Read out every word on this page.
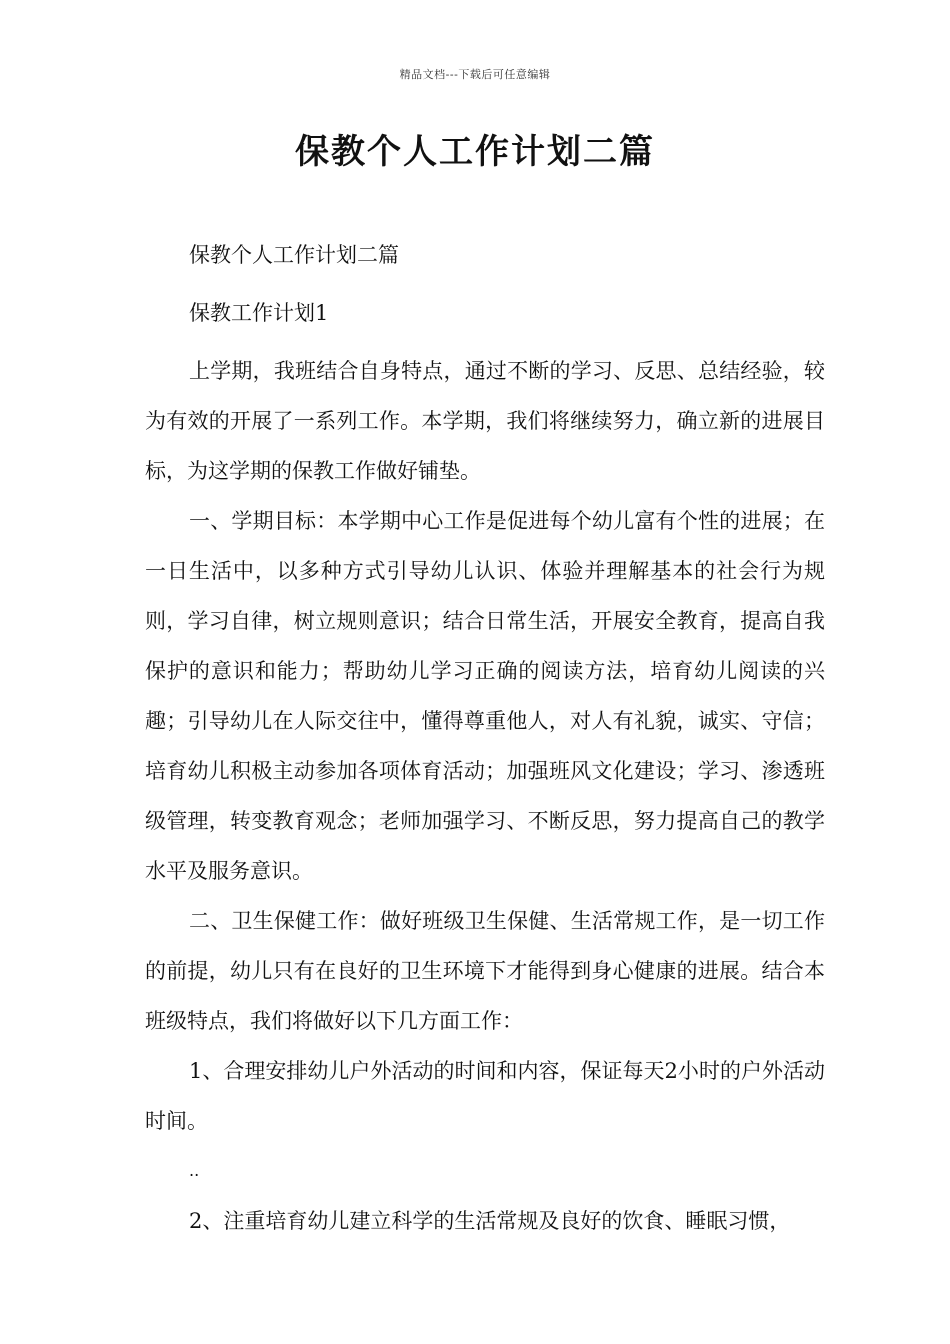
精品文档---下载后可任意编辑
保教个人工作计划二篇

保教个人工作计划二篇

保教工作计划1

上学期，我班结合自身特点，通过不断的学习、反思、总结经验，较为有效的开展了一系列工作。本学期，我们将继续努力，确立新的进展目标，为这学期的保教工作做好铺垫。

一、学期目标：本学期中心工作是促进每个幼儿富有个性的进展；在一日生活中，以多种方式引导幼儿认识、体验并理解基本的社会行为规则，学习自律，树立规则意识；结合日常生活，开展安全教育，提高自我保护的意识和能力；帮助幼儿学习正确的阅读方法，培育幼儿阅读的兴趣；引导幼儿在人际交往中，懂得尊重他人，对人有礼貌，诚实、守信；培育幼儿积极主动参加各项体育活动；加强班风文化建设；学习、渗透班级管理，转变教育观念；老师加强学习、不断反思，努力提高自己的教学水平及服务意识。

二、卫生保健工作：做好班级卫生保健、生活常规工作，是一切工作的前提，幼儿只有在良好的卫生环境下才能得到身心健康的进展。结合本班级特点，我们将做好以下几方面工作：

1、合理安排幼儿户外活动的时间和内容，保证每天2小时的户外活动时间。

..

2、注重培育幼儿建立科学的生活常规及良好的饮食、睡眠习惯，
